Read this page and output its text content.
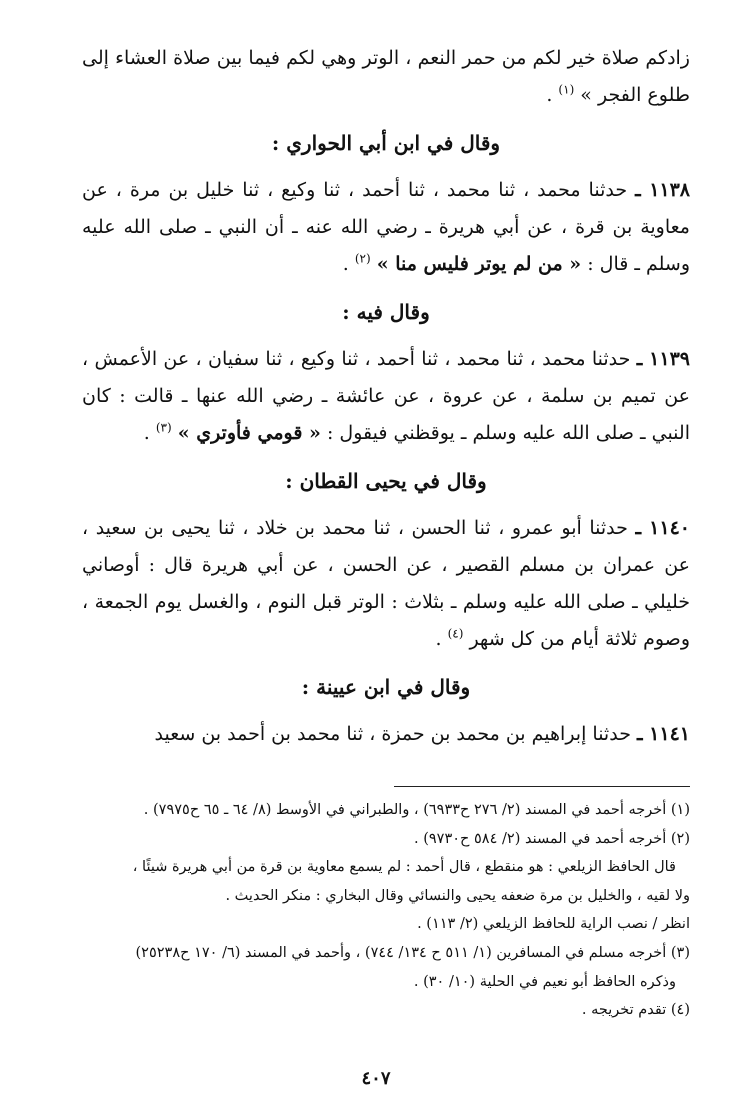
زادكم صلاة خير لكم من حمر النعم ، الوتر وهي لكم فيما بين صلاة العشاء إلى طلوع الفجر » $^{(١)}$ .

وقال في ابن أبي الحواري :

١١٣٨ ـ حدثنا محمد ، ثنا محمد ، ثنا أحمد ، ثنا وكيع ، ثنا خليل بن مرة ، عن معاوية بن قرة ، عن أبي هريرة ـ رضي الله عنه ـ أن النبي ـ صلى الله عليه وسلم ـ قال : « من لم يوتر فليس منا » $^{(٢)}$ .

وقال فيه :

١١٣٩ ـ حدثنا محمد ، ثنا محمد ، ثنا أحمد ، ثنا وكيع ، ثنا سفيان ، عن الأعمش ، عن تميم بن سلمة ، عن عروة ، عن عائشة ـ رضي الله عنها ـ قالت : كان النبي ـ صلى الله عليه وسلم ـ يوقظني فيقول : « قومي فأوتري » $^{(٣)}$ .

وقال في يحيى القطان :

١١٤٠ ـ حدثنا أبو عمرو ، ثنا الحسن ، ثنا محمد بن خلاد ، ثنا يحيى بن سعيد ، عن عمران بن مسلم القصير ، عن الحسن ، عن أبي هريرة قال : أوصاني خليلي ـ صلى الله عليه وسلم ـ بثلاث : الوتر قبل النوم ، والغسل يوم الجمعة ، وصوم ثلاثة أيام من كل شهر $^{(٤)}$ .

وقال في ابن عيينة :

١١٤١ ـ حدثنا إبراهيم بن محمد بن حمزة ، ثنا محمد بن أحمد بن سعيد

(١) أخرجه أحمد في المسند (٢/ ٢٧٦ ح٦٩٣٣) ، والطبراني في الأوسط (٨/ ٦٤ ـ ٦٥ ح٧٩٧٥) .

(٢) أخرجه أحمد في المسند (٢/ ٥٨٤ ح٩٧٣٠) .

قال الحافظ الزيلعي : هو منقطع ، قال أحمد : لم يسمع معاوية بن قرة من أبي هريرة شيئًا ،

ولا لقيه ، والخليل بن مرة ضعفه يحيى والنسائي وقال البخاري : منكر الحديث .

انظر / نصب الراية للحافظ الزيلعي (٢/ ١١٣) .

(٣) أخرجه مسلم في المسافرين (١/ ٥١١ ح ١٣٤/ ٧٤٤) ، وأحمد في المسند (٦/ ١٧٠ ح٢٥٢٣٨)

وذكره الحافظ أبو نعيم في الحلية (١٠/ ٣٠) .

(٤) تقدم تخريجه .

٤٠٧
